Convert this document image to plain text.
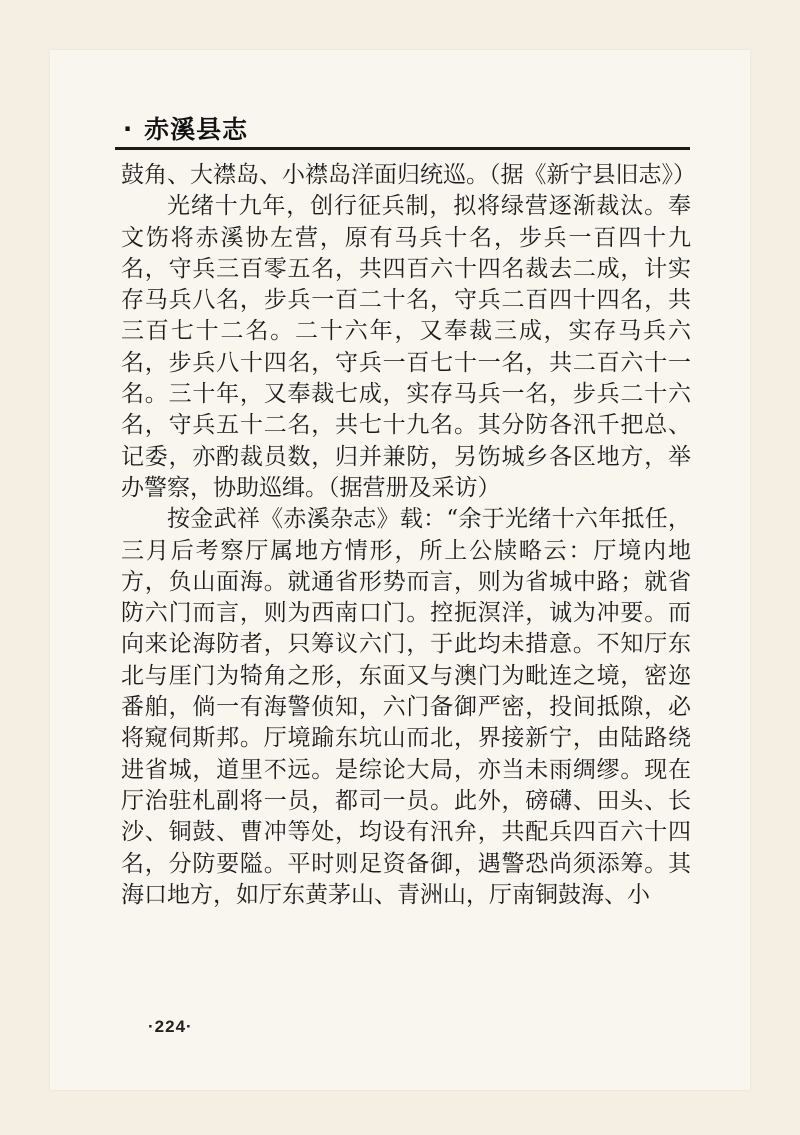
· 赤溪县志

鼓角、大襟岛、小襟岛洋面归统巡。（据《新宁县旧志》）

光绪十九年，创行征兵制，拟将绿营逐渐裁汰。奉文饬将赤溪协左营，原有马兵十名，步兵一百四十九名，守兵三百零五名，共四百六十四名裁去二成，计实存马兵八名，步兵一百二十名，守兵二百四十四名，共三百七十二名。二十六年，又奉裁三成，实存马兵六名，步兵八十四名，守兵一百七十一名，共二百六十一名。三十年，又奉裁七成，实存马兵一名，步兵二十六名，守兵五十二名，共七十九名。其分防各汛千把总、记委，亦酌裁员数，归并兼防，另饬城乡各区地方，举办警察，协助巡缉。（据营册及采访）

按金武祥《赤溪杂志》载：“余于光绪十六年抵任，三月后考察厅属地方情形，所上公牍略云：厅境内地方，负山面海。就通省形势而言，则为省城中路；就省防六门而言，则为西南口门。控扼溟洋，诚为冲要。而向来论海防者，只筹议六门，于此均未措意。不知厅东北与厓门为犄角之形，东面又与澳门为毗连之境，密迩番舶，倘一有海警侦知，六门备御严密，投间抵隙，必将窥伺斯邦。厅境踰东坑山而北，界接新宁，由陆路绕进省城，道里不远。是综论大局，亦当未雨绸缪。现在厅治驻札副将一员，都司一员。此外，磅礴、田头、长沙、铜鼓、曹冲等处，均设有汛弁，共配兵四百六十四名，分防要隘。平时则足资备御，遇警恐尚须添筹。其海口地方，如厅东黄茅山、青洲山，厅南铜鼓海、小

·224·
